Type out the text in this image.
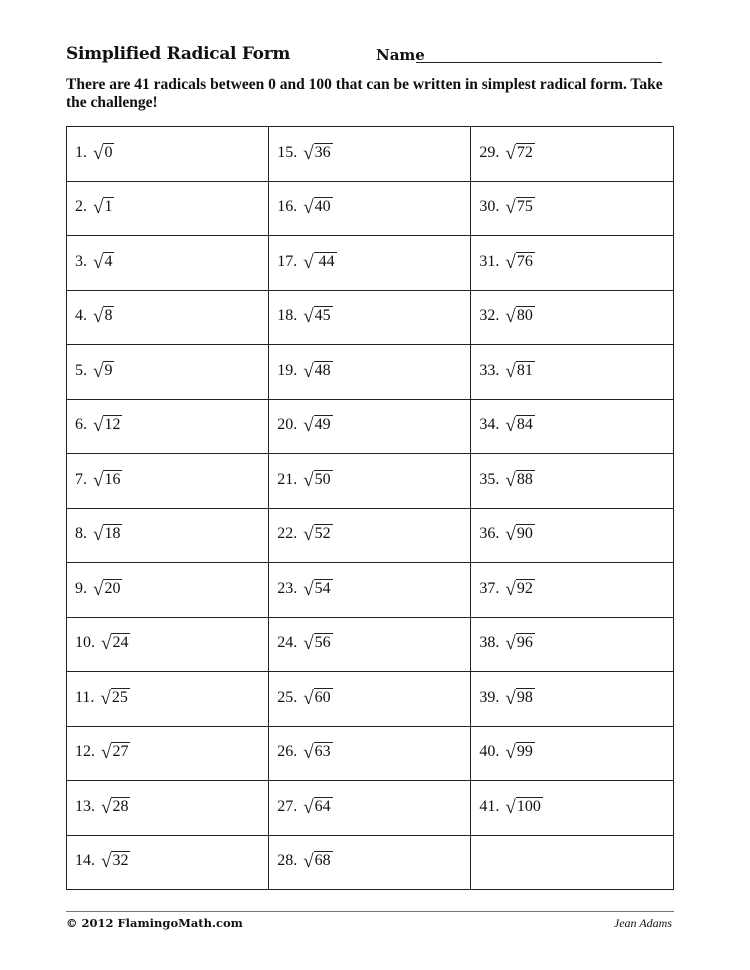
Simplified Radical Form	Name
There are 41 radicals between 0 and 100 that can be written in simplest radical form. Take the challenge!
1. √0	15. √36	29. √72
2. √1	16. √40	30. √75
3. √4	17. √ 44	31. √76
4. √8	18. √45	32. √80
5. √9	19. √48	33. √81
6. √12	20. √49	34. √84
7. √16	21. √50	35. √88
8. √18	22. √52	36. √90
9. √20	23. √54	37. √92
10. √24	24. √56	38. √96
11. √25	25. √60	39. √98
12. √27	26. √63	40. √99
13. √28	27. √64	41. √100
14. √32	28. √68	
© 2012 FlamingoMath.com	Jean Adams
